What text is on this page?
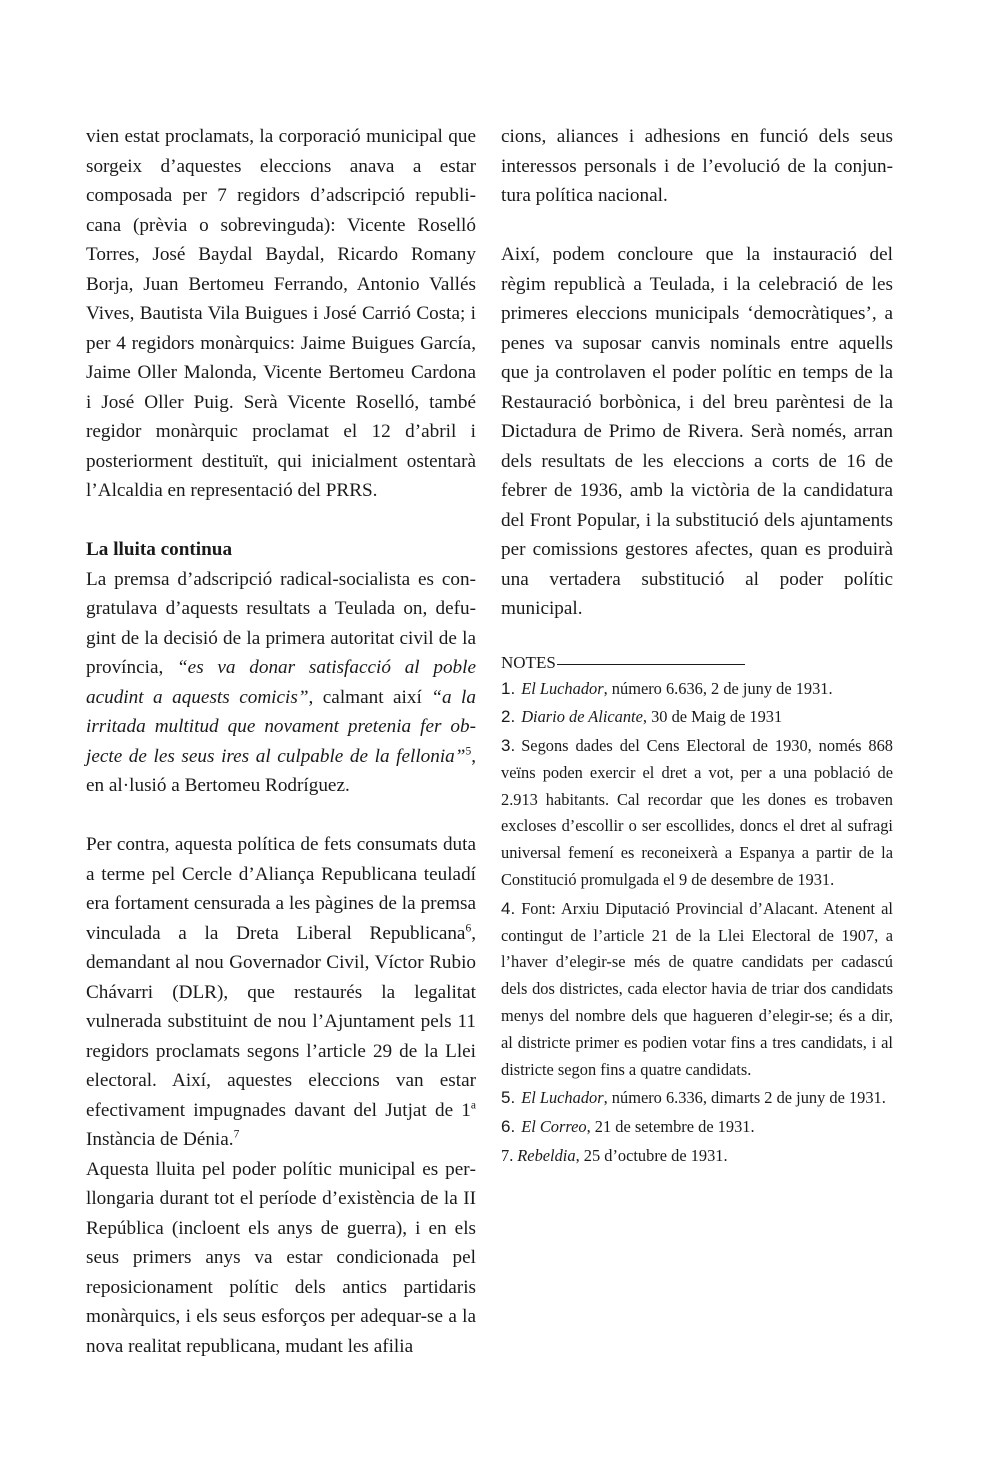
vien estat proclamats, la corporació municipal que sorgeix d’aquestes eleccions anava a estar composada per 7 regidors d’adscripció republicana (prèvia o sobrevinguda): Vicente Roselló Torres, José Baydal Baydal, Ricardo Romany Borja, Juan Bertomeu Ferrando, Antonio Vallés Vives, Bautista Vila Buigues i José Carrió Costa; i per 4 regidors monàrquics: Jaime Buigues García, Jaime Oller Malonda, Vicente Bertomeu Cardona i José Oller Puig. Serà Vicente Roselló, també regidor monàrquic proclamat el 12 d’abril i posteriorment destituït, qui inicialment ostentarà l’Alcaldia en representació del PRRS.

La lluita continua

La premsa d’adscripció radical-socialista es congratulava d’aquests resultats a Teulada on, defugint de la decisió de la primera autoritat civil de la província, “es va donar satisfacció al poble acudint a aquests comicis”, calmant així “a la irritada multitud que novament pretenia fer objecte de les seus ires al culpable de la fellonia”$^5$, en al·lusió a Bertomeu Rodríguez.

Per contra, aquesta política de fets consumats duta a terme pel Cercle d’Aliança Republicana teuladí era fortament censurada a les pàgines de la premsa vinculada a la Dreta Liberal Republicana$^6$, demandant al nou Governador Civil, Víctor Rubio Chávarri (DLR), que restaurés la legalitat vulnerada substituint de nou l’Ajuntament pels 11 regidors proclamats segons l’article 29 de la Llei electoral. Així, aquestes eleccions van estar efectivament impugnades davant del Jutjat de 1$^a$ Instància de Dénia.$^7$

Aquesta lluita pel poder polític municipal es perllongaria durant tot el període d’existència de la II República (incloent els anys de guerra), i en els seus primers anys va estar condicionada pel reposicionament polític dels antics partidaris monàrquics, i els seus esforços per adequar-se a la nova realitat republicana, mudant les afilia

cions, aliances i adhesions en funció dels seus interessos personals i de l’evolució de la conjuntura política nacional.

Així, podem concloure que la instauració del règim republicà a Teulada, i la celebració de les primeres eleccions municipals ‘democràtiques’, a penes va suposar canvis nominals entre aquells que ja controlaven el poder polític en temps de la Restauració borbònica, i del breu parèntesi de la Dictadura de Primo de Rivera. Serà només, arran dels resultats de les eleccions a corts de 16 de febrer de 1936, amb la victòria de la candidatura del Front Popular, i la substitució dels ajuntaments per comissions gestores afectes, quan es produirà una vertadera substitució al poder polític municipal.

NOTES

1. El Luchador, número 6.636, 2 de juny de 1931.

2. Diario de Alicante, 30 de Maig de 1931

3. Segons dades del Cens Electoral de 1930, només 868 veïns poden exercir el dret a vot, per a una població de 2.913 habitants. Cal recordar que les dones es trobaven excloses d’escollir o ser escollides, doncs el dret al sufragi universal femení es reconeixerà a Espanya a partir de la Constitució promulgada el 9 de desembre de 1931.

4. Font: Arxiu Diputació Provincial d’Alacant. Atenent al contingut de l’article 21 de la Llei Electoral de 1907, a l’haver d’elegir-se més de quatre candidats per cadascú dels dos districtes, cada elector havia de triar dos candidats menys del nombre dels que hagueren d’elegir-se; és a dir, al districte primer es podien votar fins a tres candidats, i al districte segon fins a quatre candidats.

5. El Luchador, número 6.336, dimarts 2 de juny de 1931.

6. El Correo, 21 de setembre de 1931.

7. Rebeldia, 25 d’octubre de 1931.
